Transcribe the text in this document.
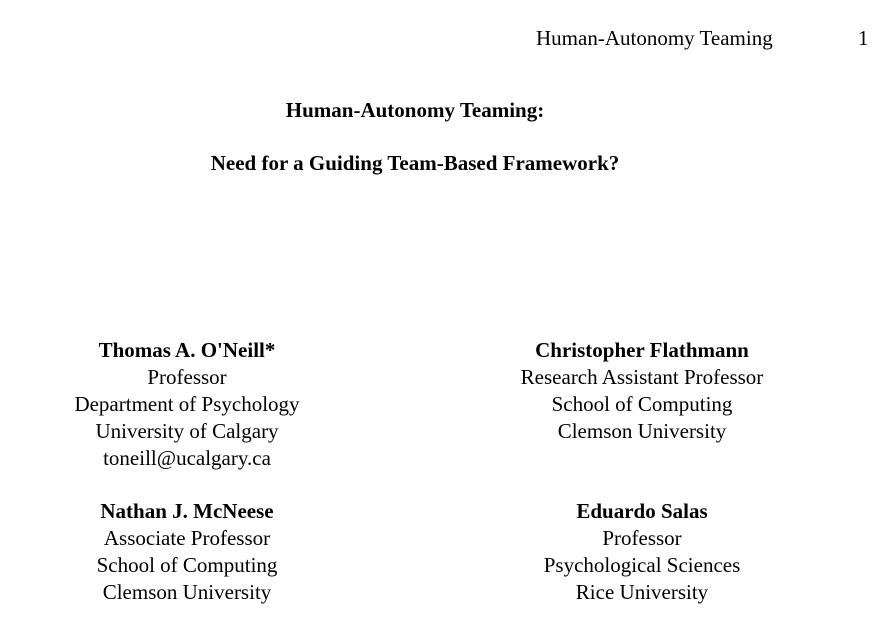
Human-Autonomy Teaming	1
Human-Autonomy Teaming:
Need for a Guiding Team-Based Framework?
Thomas A. O'Neill*
Professor
Department of Psychology
University of Calgary
toneill@ucalgary.ca
Christopher Flathmann
Research Assistant Professor
School of Computing
Clemson University
Nathan J. McNeese
Associate Professor
School of Computing
Clemson University
Eduardo Salas
Professor
Psychological Sciences
Rice University
